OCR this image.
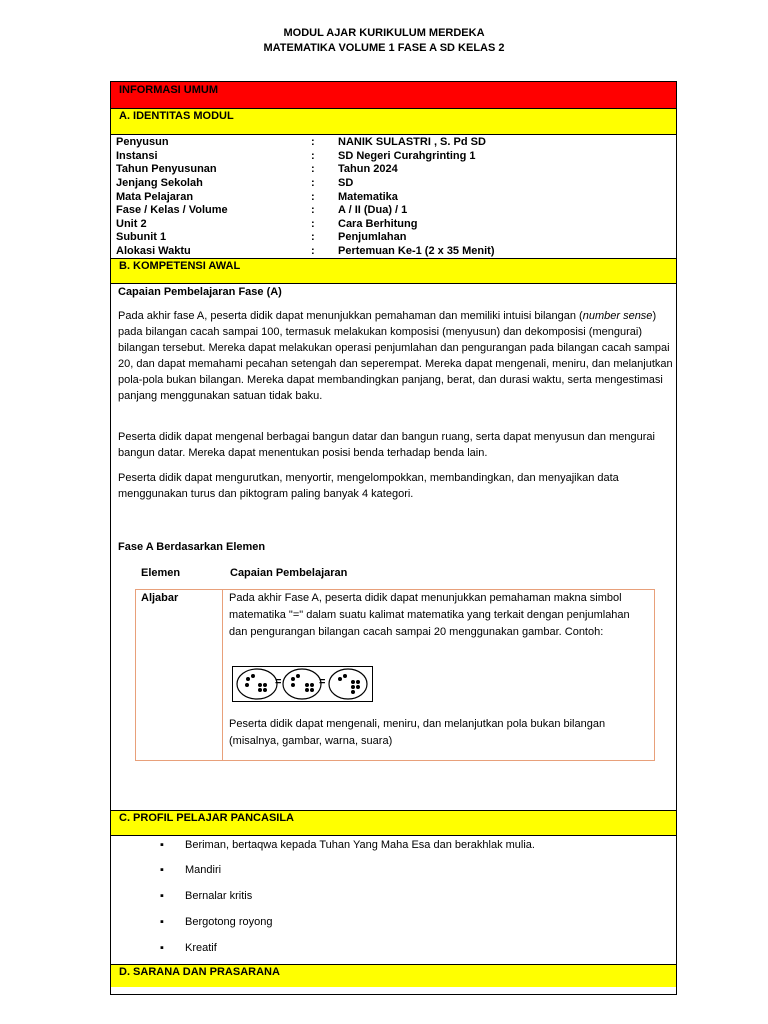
MODUL AJAR KURIKULUM MERDEKA
MATEMATIKA VOLUME 1 FASE A SD KELAS 2
INFORMASI UMUM
A. IDENTITAS MODUL
Penyusun	: NANIK SULASTRI , S. Pd SD
Instansi	: SD Negeri Curahgrinting 1
Tahun Penyusunan	: Tahun 2024
Jenjang Sekolah	: SD
Mata Pelajaran	: Matematika
Fase / Kelas / Volume	: A / II (Dua) / 1
Unit 2	: Cara Berhitung
Subunit 1	: Penjumlahan
Alokasi Waktu	: Pertemuan Ke-1 (2 x 35 Menit)
B. KOMPETENSI AWAL
Capaian Pembelajaran Fase (A)
Pada akhir fase A, peserta didik dapat menunjukkan pemahaman dan memiliki intuisi bilangan (number sense) pada bilangan cacah sampai 100, termasuk melakukan komposisi (menyusun) dan dekomposisi (mengurai) bilangan tersebut. Mereka dapat melakukan operasi penjumlahan dan pengurangan pada bilangan cacah sampai 20, dan dapat memahami pecahan setengah dan seperempat. Mereka dapat mengenali, meniru, dan melanjutkan pola-pola bukan bilangan. Mereka dapat membandingkan panjang, berat, dan durasi waktu, serta mengestimasi panjang menggunakan satuan tidak baku.
Peserta didik dapat mengenal berbagai bangun datar dan bangun ruang, serta dapat menyusun dan mengurai bangun datar. Mereka dapat menentukan posisi benda terhadap benda lain.
Peserta didik dapat mengurutkan, menyortir, mengelompokkan, membandingkan, dan menyajikan data menggunakan turus dan piktogram paling banyak 4 kategori.
Fase A Berdasarkan Elemen
Elemen	Capaian Pembelajaran
Aljabar	Pada akhir Fase A, peserta didik dapat menunjukkan pemahaman makna simbol matematika "=" dalam suatu kalimat matematika yang terkait dengan penjumlahan dan pengurangan bilangan cacah sampai 20 menggunakan gambar. Contoh:
=	=
Peserta didik dapat mengenali, meniru, dan melanjutkan pola bukan bilangan (misalnya, gambar, warna, suara)
C. PROFIL PELAJAR PANCASILA
▪ Beriman, bertaqwa kepada Tuhan Yang Maha Esa dan berakhlak mulia.
▪ Mandiri
▪ Bernalar kritis
▪ Bergotong royong
▪ Kreatif
D. SARANA DAN PRASARANA
